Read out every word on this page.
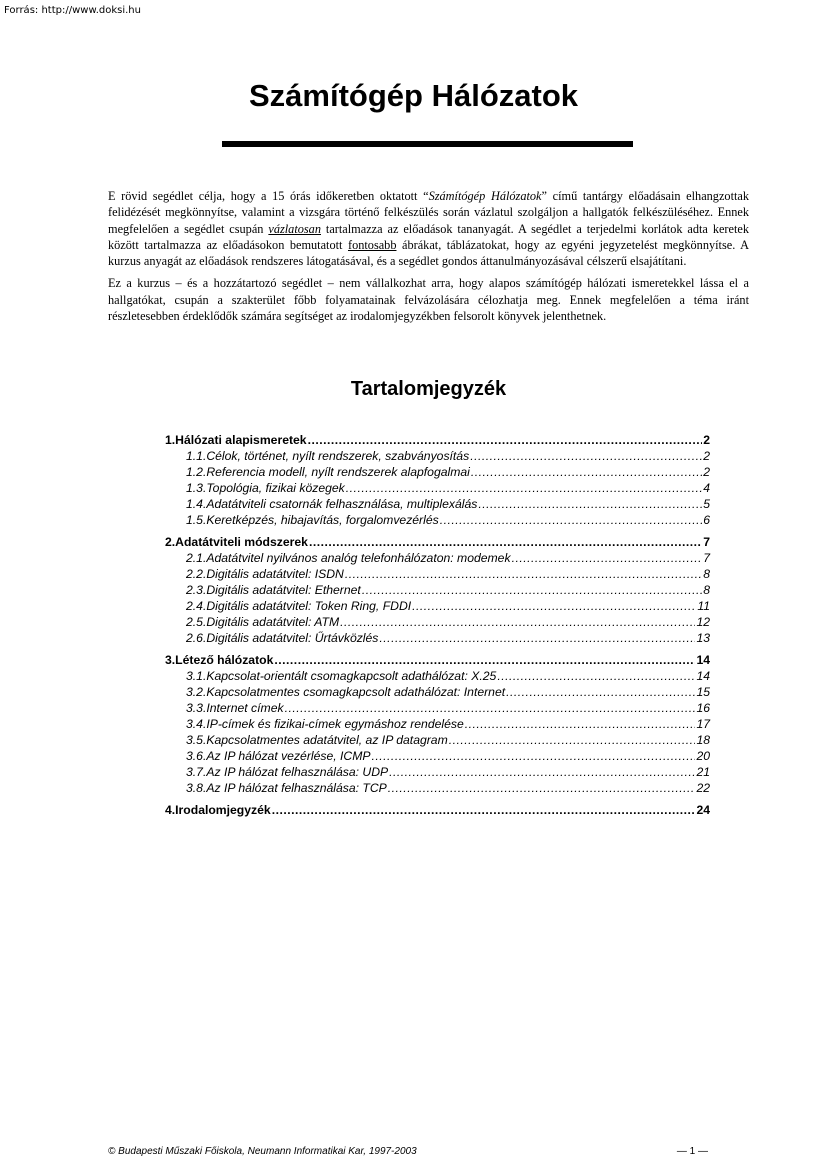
Forrás: http://www.doksi.hu
Számítógép Hálózatok

E rövid segédlet célja, hogy a 15 órás időkeretben oktatott “Számítógép Hálózatok” című tantárgy előadásain elhangzottak felidézését megkönnyítse, valamint a vizsgára történő felkészülés során vázlatul szolgáljon a hallgatók felkészüléséhez. Ennek megfelelően a segédlet csupán vázlatosan tartalmazza az előadások tananyagát. A segédlet a terjedelmi korlátok adta keretek között tartalmazza az előadásokon bemutatott fontosabb ábrákat, táblázatokat, hogy az egyéni jegyzetelést megkönnyítse. A kurzus anyagát az előadások rendszeres látogatásával, és a segédlet gondos áttanulmányozásával célszerű elsajátítani.

Ez a kurzus – és a hozzátartozó segédlet – nem vállalkozhat arra, hogy alapos számítógép hálózati ismeretekkel lássa el a hallgatókat, csupán a szakterület főbb folyamatainak felvázolására célozhatja meg. Ennek megfelelően a téma iránt részletesebben érdeklődők számára segítséget az irodalomjegyzékben felsorolt könyvek jelenthetnek.

Tartalomjegyzék
1. Hálózati alapismeretek .....	2
1.1. Célok, történet, nyílt rendszerek, szabványosítás .....	2
1.2. Referencia modell, nyílt rendszerek alapfogalmai .....	2
1.3. Topológia, fizikai közegek .....	4
1.4. Adatátviteli csatornák felhasználása, multiplexálás .....	5
1.5. Keretképzés, hibajavítás, forgalomvezérlés .....	6
2. Adatátviteli módszerek .....	7
2.1. Adatátvitel nyilvános analóg telefonhálózaton: modemek .....	7
2.2. Digitális adatátvitel: ISDN .....	8
2.3. Digitális adatátvitel: Ethernet .....	8
2.4. Digitális adatátvitel: Token Ring, FDDI .....	11
2.5. Digitális adatátvitel: ATM .....	12
2.6. Digitális adatátvitel: Űrtávközlés .....	13
3. Létező hálózatok .....	14
3.1. Kapcsolat-orientált csomagkapcsolt adathálózat: X.25 .....	14
3.2. Kapcsolatmentes csomagkapcsolt adathálózat: Internet .....	15
3.3. Internet címek .....	16
3.4. IP-címek és fizikai-címek egymáshoz rendelése .....	17
3.5. Kapcsolatmentes adatátvitel, az IP datagram .....	18
3.6. Az IP hálózat vezérlése, ICMP .....	20
3.7. Az IP hálózat felhasználása: UDP .....	21
3.8. Az IP hálózat felhasználása: TCP .....	22
4. Irodalomjegyzék .....	24
© Budapesti Műszaki Főiskola, Neumann Informatikai Kar, 1997-2003	— 1 —
